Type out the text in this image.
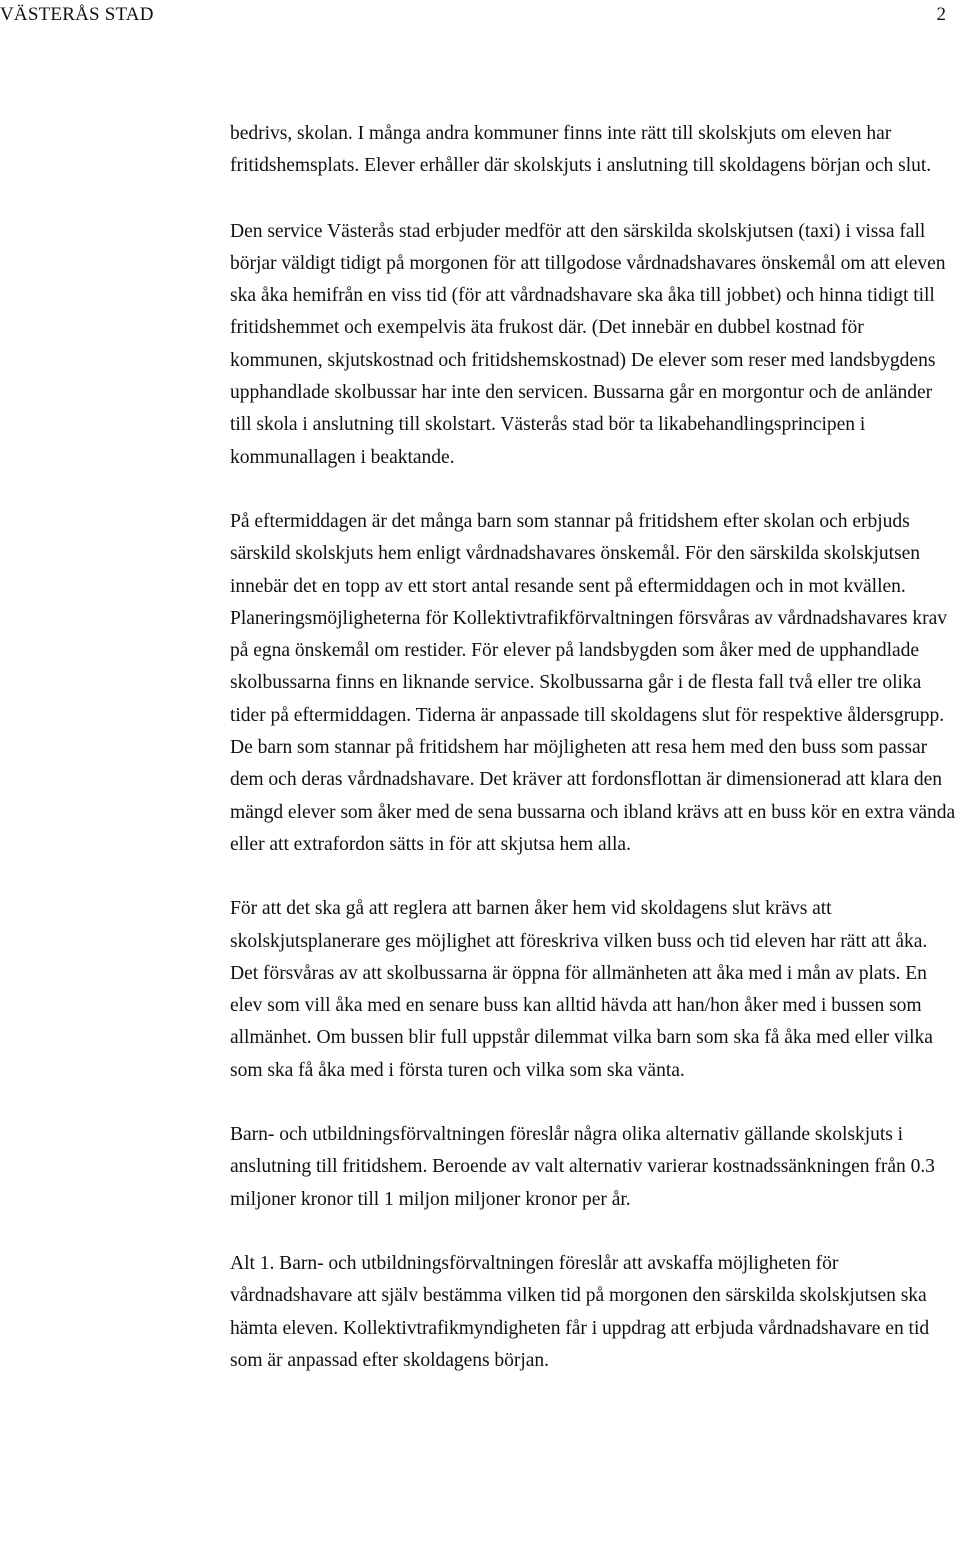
VÄSTERÅS STAD	2

bedrivs, skolan. I många andra kommuner finns inte rätt till skolskjuts om eleven har fritidshemsplats. Elever erhåller där skolskjuts i anslutning till skoldagens början och slut.

Den service Västerås stad erbjuder medför att den särskilda skolskjutsen (taxi) i vissa fall börjar väldigt tidigt på morgonen för att tillgodose vårdnadshavares önskemål om att eleven ska åka hemifrån en viss tid (för att vårdnadshavare ska åka till jobbet) och hinna tidigt till fritidshemmet och exempelvis äta frukost där. (Det innebär en dubbel kostnad för kommunen, skjutskostnad och fritidshemskostnad) De elever som reser med landsbygdens upphandlade skolbussar har inte den servicen. Bussarna går en morgontur och de anländer till skola i anslutning till skolstart. Västerås stad bör ta likabehandlingsprincipen i kommunallagen i beaktande.

På eftermiddagen är det många barn som stannar på fritidshem efter skolan och erbjuds särskild skolskjuts hem enligt vårdnadshavares önskemål. För den särskilda skolskjutsen innebär det en topp av ett stort antal resande sent på eftermiddagen och in mot kvällen. Planeringsmöjligheterna för Kollektivtrafikförvaltningen försvåras av vårdnadshavares krav på egna önskemål om restider. För elever på landsbygden som åker med de upphandlade skolbussarna finns en liknande service. Skolbussarna går i de flesta fall två eller tre olika tider på eftermiddagen. Tiderna är anpassade till skoldagens slut för respektive åldersgrupp. De barn som stannar på fritidshem har möjligheten att resa hem med den buss som passar dem och deras vårdnadshavare. Det kräver att fordonsflottan är dimensionerad att klara den mängd elever som åker med de sena bussarna och ibland krävs att en buss kör en extra vända eller att extrafordon sätts in för att skjutsa hem alla.

För att det ska gå att reglera att barnen åker hem vid skoldagens slut krävs att skolskjutsplanerare ges möjlighet att föreskriva vilken buss och tid eleven har rätt att åka. Det försvåras av att skolbussarna är öppna för allmänheten att åka med i mån av plats. En elev som vill åka med en senare buss kan alltid hävda att han/hon åker med i bussen som allmänhet. Om bussen blir full uppstår dilemmat vilka barn som ska få åka med eller vilka som ska få åka med i första turen och vilka som ska vänta.

Barn- och utbildningsförvaltningen föreslår några olika alternativ gällande skolskjuts i anslutning till fritidshem. Beroende av valt alternativ varierar kostnadssänkningen från 0.3 miljoner kronor till 1 miljon miljoner kronor per år.

Alt 1. Barn- och utbildningsförvaltningen föreslår att avskaffa möjligheten för vårdnadshavare att själv bestämma vilken tid på morgonen den särskilda skolskjutsen ska hämta eleven. Kollektivtrafikmyndigheten får i uppdrag att erbjuda vårdnadshavare en tid som är anpassad efter skoldagens början.
